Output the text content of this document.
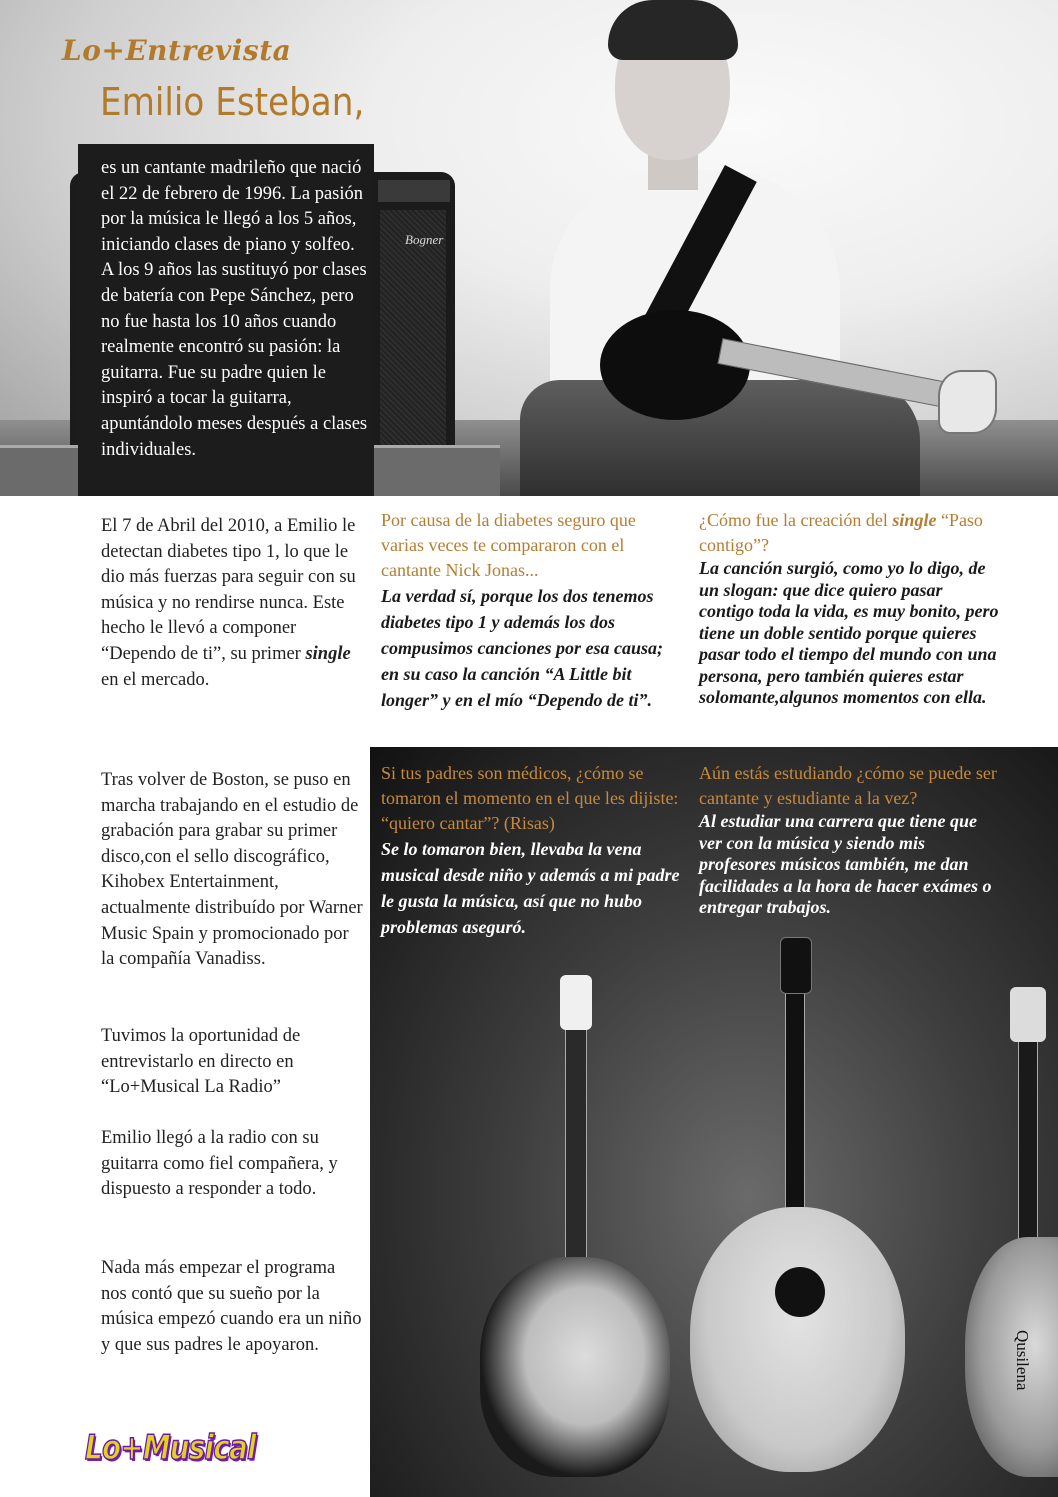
Bogner
Lo+Entrevista
Emilio Esteban,
es un cantante madrileño que nació el 22 de febrero de 1996. La pasión por la música le llegó a los 5 años, iniciando clases de piano y solfeo. A los 9 años las sustituyó por clases de batería con Pepe Sánchez, pero no fue hasta los 10 años cuando realmente encontró su pasión: la guitarra. Fue su padre quien le inspiró a tocar la guitarra, apuntándolo meses después a clases individuales.
El 7 de Abril del 2010, a Emilio le detectan diabetes tipo 1, lo que le dio más fuerzas para seguir con su música y no rendirse nunca. Este hecho le llevó a componer “Dependo de ti”, su primer single en el mercado.
Tras volver de Boston, se puso en marcha trabajando en el estudio de grabación para grabar su primer disco,con el sello discográfico, Kihobex Entertainment, actualmente distribuído por Warner Music Spain y promocionado por la compañía Vanadiss.
Tuvimos la oportunidad de entrevistarlo en directo en “Lo+Musical La Radio”
Emilio llegó a la radio con su guitarra como fiel compañera, y dispuesto a responder a todo.
Nada más empezar el programa nos contó que su sueño por la música empezó cuando era un niño y que sus padres le apoyaron.

Por causa de la diabetes seguro que varias veces te compararon con el cantante Nick Jonas...

La verdad sí, porque los dos tenemos diabetes tipo 1 y además los dos compusimos canciones por esa causa; en su caso la canción “A Little bit longer” y en el mío “Dependo de ti”.

¿Cómo fue la creación del single “Paso contigo”?

La canción surgió, como yo lo digo, de un slogan: que dice quiero pasar contigo toda la vida, es muy bonito, pero tiene un doble sentido porque quieres pasar todo el tiempo del mundo con una persona, pero también quieres estar solomante,algunos momentos con ella.

Si tus padres son médicos, ¿cómo se tomaron el momento en el que les dijiste: “quiero cantar”? (Risas)

Se lo tomaron bien, llevaba la vena musical desde niño y además a mi padre le gusta la música, así que no hubo problemas aseguró.

Aún estás estudiando ¿cómo se puede ser cantante y estudiante a la vez?

Al estudiar una carrera que tiene que ver con la música y siendo mis profesores músicos también, me dan facilidades a la hora de hacer exámes o entregar trabajos.

Qusilena
Lo+Musical
